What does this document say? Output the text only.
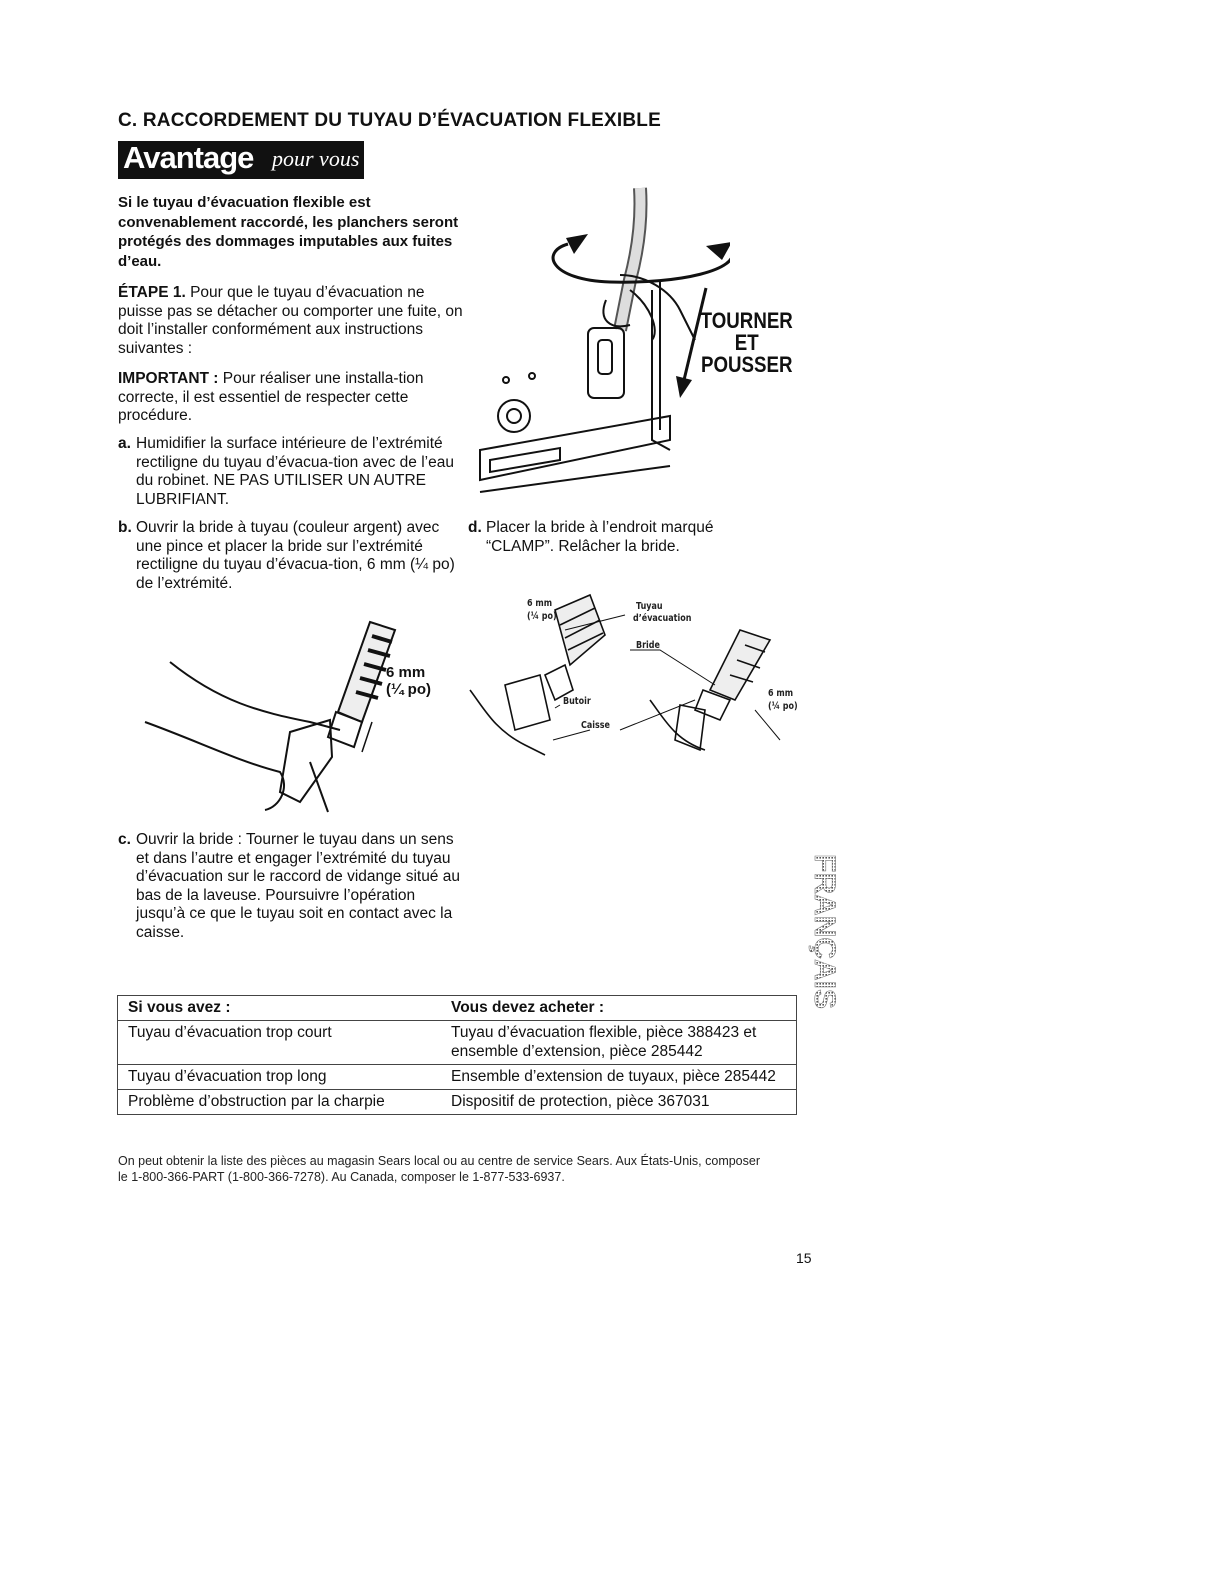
C. RACCORDEMENT DU TUYAU D’ÉVACUATION FLEXIBLE
Avantage pour vous
Si le tuyau d’évacuation flexible est convenablement raccordé, les planchers seront protégés des dommages imputables aux fuites d’eau.
ÉTAPE 1. Pour que le tuyau d’évacuation ne puisse pas se détacher ou comporter une fuite, on doit l’installer conformément aux instructions suivantes :
IMPORTANT : Pour réaliser une installa-tion correcte, il est essentiel de respecter cette procédure.
a. Humidifier la surface intérieure de l’extrémité rectiligne du tuyau d’évacua-tion avec de l’eau du robinet. NE PAS UTILISER UN AUTRE LUBRIFIANT.
b. Ouvrir la bride à tuyau (couleur argent) avec une pince et placer la bride sur l’extrémité rectiligne du tuyau d’évacua-tion, 6 mm (¼ po) de l’extrémité.
d. Placer la bride à l’endroit marqué “CLAMP”. Relâcher la bride.
c. Ouvrir la bride : Tourner le tuyau dans un sens et dans l’autre et engager l’extrémité du tuyau d’évacuation sur le raccord de vidange situé au bas de la laveuse. Poursuivre l’opération jusqu’à ce que le tuyau soit en contact avec la caisse.
TOURNER
ET
POUSSER
6 mm
(¼ po)
6 mm
(¼ po)
Tuyau
d’évacuation
Bride
Butoir
Caisse
6 mm
(¼ po)
Si vous avez :	Vous devez acheter :
Tuyau d’évacuation trop court	Tuyau d’évacuation flexible, pièce 388423 et ensemble d’extension, pièce 285442
Tuyau d’évacuation trop long	Ensemble d’extension de tuyaux, pièce 285442
Problème d’obstruction par la charpie	Dispositif de protection, pièce 367031
On peut obtenir la liste des pièces au magasin Sears local ou au centre de service Sears. Aux États-Unis, composer le 1-800-366-PART (1-800-366-7278). Au Canada, composer le 1-877-533-6937.
15
FRANÇAIS
